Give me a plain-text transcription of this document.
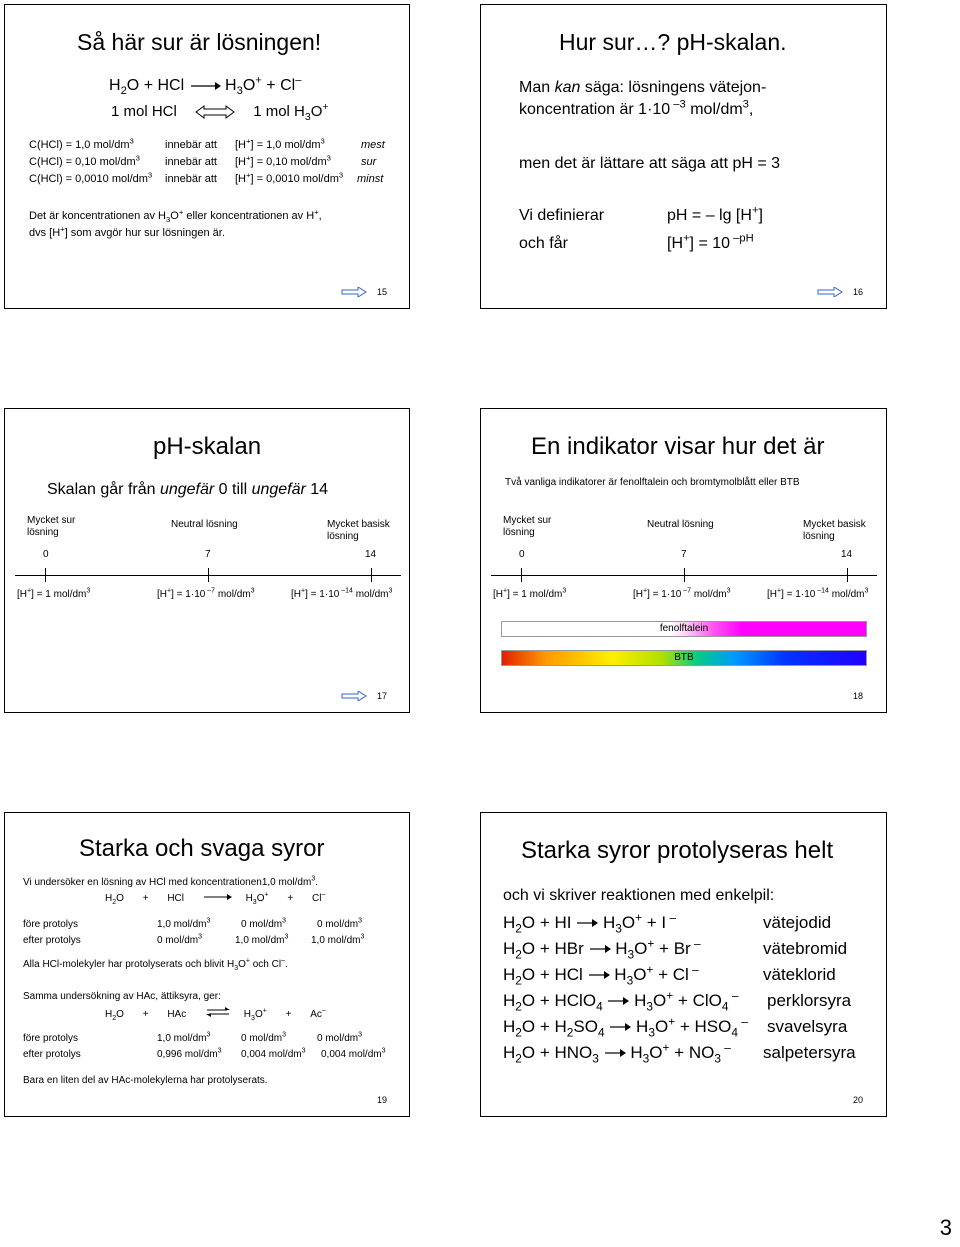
Så här sur är lösningen!
$H_2O$ + HCl → $H_3O^+ + Cl^-$
1 mol HCl	1 mol $H_3O^+$
C(HCl) = 1,0 mol/$dm^3$	innebär att [H+] = 1,0 mol/$dm^3$	mest
C(HCl) = 0,10 mol/$dm^3$ innebär att [H+] = 0,10 mol/$dm^3$	sur
C(HCl) = 0,0010 mol/$dm^3$ innebär att [H+] = 0,0010 mol/$dm^3$ minst
Det är koncentrationen av $H_3O^+$ eller koncentrationen av H+,
dvs [H+] som avgör hur sur lösningen är.
15
Hur sur…? pH-skalan.
Man kan säga: lösningens vätejon-
koncentration är 1·10 $^{-3}$ mol/$dm^3$,
men det är lättare att säga att pH = 3
Vi definierar	pH = – lg [H+]
och får	[H+] = 10 $^{-pH}$
16
pH-skalan
Skalan går från ungefär 0 till ungefär 14
Mycket sur
lösning
Neutral lösning	Mycket basisk
lösning
0	7	14
[H+] = 1 mol/$dm^3$	[H+] = 1·10 $^{-7}$ mol/$dm^3$	[H+] = 1·10 $^{-14}$ mol/$dm^3$
17
En indikator visar hur det är
Två vanliga indikatorer är fenolftalein och bromtymolblått eller BTB
Mycket sur
lösning
Neutral lösning	Mycket basisk
lösning
0	7	14
[H+] = 1 mol/$dm^3$	[H+] = 1·10 $^{-7}$ mol/$dm^3$	[H+] = 1·10 $^{-14}$ mol/$dm^3$
fenolftalein
BTB
18
Starka och svaga syror
Vi undersöker en lösning av HCl med koncentrationen1,0 mol/$dm^3$.
$H_2O$ + HCl → $H_3O^+ + Cl^-$
före protolys	1,0 mol/$dm^3$	0 mol/$dm^3$	0 mol/$dm^3$
efter protolys	0 mol/$dm^3$	1,0 mol/$dm^3$ 1,0 mol/$dm^3$
Alla HCl-molekyler har protolyserats och blivit $H_3O^+$ och Cl–.
Samma undersökning av HAc, ättiksyra, ger:
$H_2O$ + HAc ⇌ $H_3O^+ + Ac^-$
före protolys	1,0 mol/$dm^3$	0 mol/$dm^3$	0 mol/$dm^3$
efter protolys	0,996 mol/$dm^3$ 0,004 mol/$dm^3$ 0,004 mol/$dm^3$
Bara en liten del av HAc-molekylerna har protolyserats.
19
Starka syror protolyseras helt
och vi skriver reaktionen med enkelpil:
$H_2O$ + HI → $H_3O^+ + I$ –	vätejodid
$H_2O$ + HBr → $H_3O^+ + Br$ –	vätebromid
$H_2O$ + HCl → $H_3O^+ + Cl$ –	väteklorid
$H_2O$ + HClO$_4$ → $H_3O^+ + ClO_4$ – perklorsyra
$H_2O + H_2SO_4 \to H_3O^+ + HSO_4$ – svavelsyra
$H_2O + HNO_3 \to H_3O^+ + NO_3$ – salpetersyra
20
3
